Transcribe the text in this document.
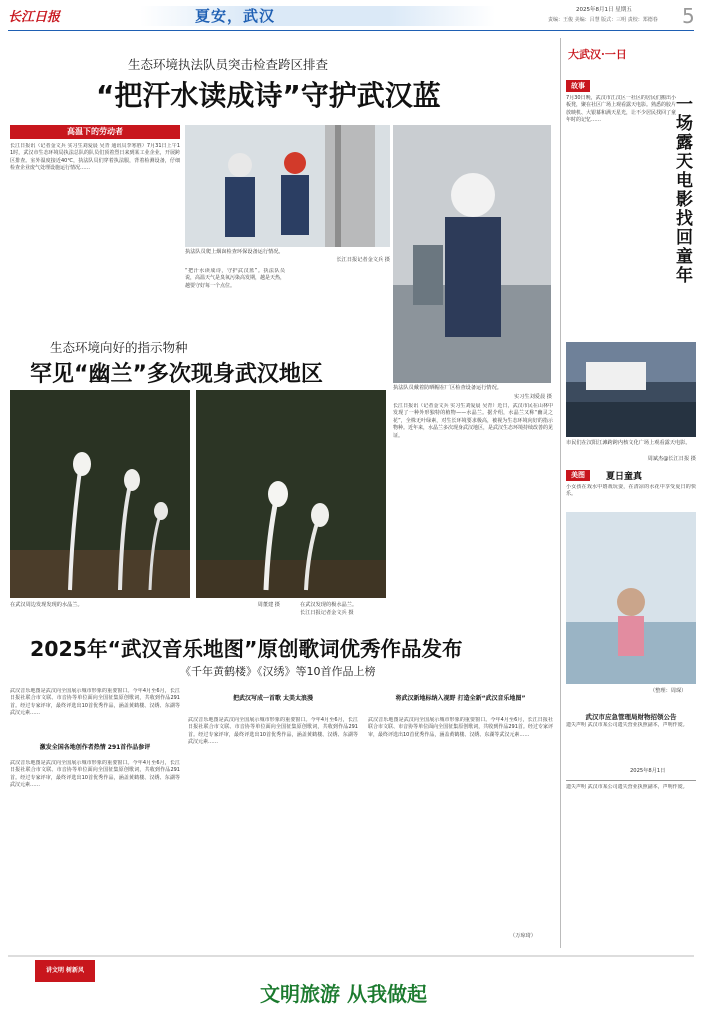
长江日报	夏安，武汉	2025年8月1日 星期五
责编：王俊 美编：吕慧 版式：三明 责校：郑德春 5
生态环境执法队员突击检查跨区排查
“把汗水读成诗”守护武汉蓝
高温下的劳动者
长江日报讯（记者金文兵 实习生刘爱晨 吴青 通讯员李寒胜）7月31日上午11时，武汉市生态环境局执法总队的队员们顶着烈日来到某工业企业，开展跨区排查。室外温度接近40℃，执法队员们穿着执法服，背着检测设备，仔细检查企业废气处理设施运行情况……
执法队员爬上烟囱检查环保设备运行情况。
长江日报记者金文兵 摄
“把汗水读成诗，守护武汉蓝”。执法队员说，高温天气是臭氧污染高发期，越是天热，越要守好每一个点位。
执法队员戴着防晒帽在厂区检查设备运行情况。
实习生刘爱晨 摄
生态环境向好的指示物种
罕见“幽兰”多次现身武汉地区
在武汉周边发现发现的水晶兰。	周董建 摄	在武汉发现的极水晶兰。
长江日报记者金文兵 摄
长江日报讯（记者金文兵 实习生刘爱晨 吴青）近日，武汉市民在山林中发现了一种外形独特的植物——水晶兰。据介绍，水晶兰又称“幽灵之花”，全株无叶绿素，对生长环境要求极高，被视为生态环境向好的指示物种。近年来，水晶兰多次现身武汉地区，是武汉生态环境持续改善的见证。
2025年“武汉音乐地图”原创歌词优秀作品发布
《千年黄鹤楼》《汉绣》等10首作品上榜
武汉音乐地图是武汉向全国展示城市形象的重要窗口。今年4月至6月，长江日报社联合市文联、市音协等单位面向全国征集原创歌词，共收到作品291首。经过专家评审，最终评选出10首优秀作品，涵盖黄鹤楼、汉绣、东湖等武汉元素……
激发全国各地创作者热情 291首作品参评
武汉音乐地图是武汉向全国展示城市形象的重要窗口。今年4月至6月，长江日报社联合市文联、市音协等单位面向全国征集原创歌词，共收到作品291首。经过专家评审，最终评选出10首优秀作品，涵盖黄鹤楼、汉绣、东湖等武汉元素……
把武汉写成一首歌 太美太浪漫
武汉音乐地图是武汉向全国展示城市形象的重要窗口。今年4月至6月，长江日报社联合市文联、市音协等单位面向全国征集原创歌词，共收到作品291首。经过专家评审，最终评选出10首优秀作品，涵盖黄鹤楼、汉绣、东湖等武汉元素……
将武汉新地标纳入视野 打造全新“武汉音乐地图”
武汉音乐地图是武汉向全国展示城市形象的重要窗口。今年4月至6月，长江日报社联合市文联、市音协等单位面向全国征集原创歌词，共收到作品291首。经过专家评审，最终评选出10首优秀作品，涵盖黄鹤楼、汉绣、东湖等武汉元素……
（万琼琦）
大武汉·一日
故事
7月30日晚，武汉市江汉区一社区的居民们搬出小板凳，聚在社区广场上观看露天电影。熟悉的胶片放映机、大银幕和满天星光，让不少居民找回了童年时的记忆……	一场露天电影找回童年
市民们在汉阳江滩跨跨内核文化广场上观看露天电影。
周斌杰@长江日报 摄
美图	夏日童真
小女孩在戏水中嬉戏玩耍，在清凉的水花中享受夏日的快乐。
（整理：周琛）
武汉市应急管理局财物招领公告
遗失声明 武汉市某公司遗失营业执照副本，声明作废。
2025年8月1日
遗失声明 武汉市某公司遗失营业执照副本，声明作废。
讲文明 树新风
文明旅游 从我做起
